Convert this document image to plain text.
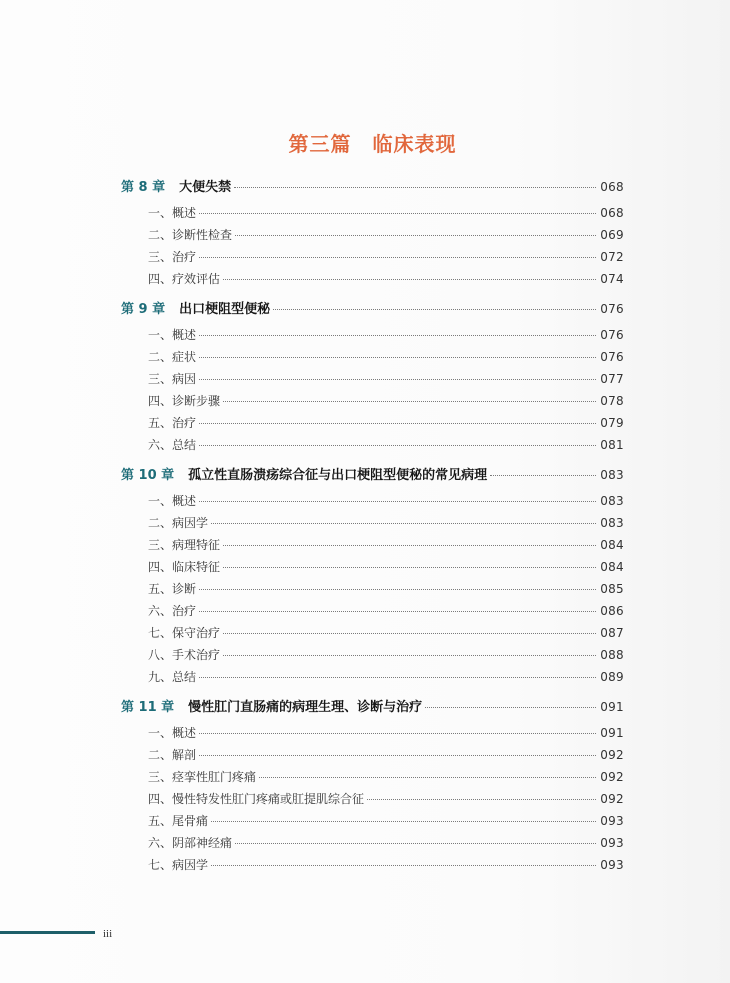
第三篇　临床表现
第 8 章 大便失禁	068
一、概述	068
二、诊断性检查	069
三、治疗	072
四、疗效评估	074
第 9 章 出口梗阻型便秘	076
一、概述	076
二、症状	076
三、病因	077
四、诊断步骤	078
五、治疗	079
六、总结	081
第 10 章 孤立性直肠溃疡综合征与出口梗阻型便秘的常见病理	083
一、概述	083
二、病因学	083
三、病理特征	084
四、临床特征	084
五、诊断	085
六、治疗	086
七、保守治疗	087
八、手术治疗	088
九、总结	089
第 11 章 慢性肛门直肠痛的病理生理、诊断与治疗	091
一、概述	091
二、解剖	092
三、痉挛性肛门疼痛	092
四、慢性特发性肛门疼痛或肛提肌综合征	092
五、尾骨痛	093
六、阴部神经痛	093
七、病因学	093
iii
